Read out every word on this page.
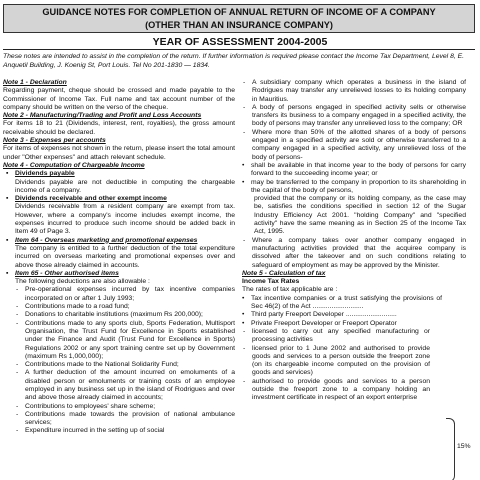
GUIDANCE NOTES FOR COMPLETION OF ANNUAL RETURN OF INCOME OF A COMPANY
(OTHER THAN AN INSURANCE COMPANY)
YEAR OF ASSESSMENT 2004-2005
These notes are intended to assist in the completion of the return. If further information is required please contact the Income Tax Department, Level 8, E. Anquetil Building, J. Koenig St, Port Louis. Tel No 201-1830 — 1834.

Note 1 - Declaration

Regarding payment, cheque should be crossed and made payable to the Commissioner of Income Tax. Full name and tax account number of the company should be written on the verso of the cheque.

Note 2 - Manufacturing/Trading and Profit and Loss Accounts

For items 18 to 21 (Dividends, interest, rent, royalties), the gross amount receivable should be declared.

Note 3 - Expenses per accounts

For items of expenses not shown in the return, please insert the total amount under "Other expenses" and attach relevant schedule.

Note 4 - Computation of Chargeable Income

▪ Dividends payable

Dividends payable are not deductible in computing the chargeable income of a company.

▪ Dividends receivable and other exempt income

Dividends receivable from a resident company are exempt from tax. However, where a company's income includes exempt income, the expenses incurred to produce such income should be added back in Item 49 of Page 3.

▪ Item 64 - Overseas marketing and promotional expenses

The company is entitled to a further deduction of the total expenditure incurred on overseas marketing and promotional expenses over and above those already claimed in accounts.

▪ Item 65 - Other authorised items

The following deductions are also allowable :

- Pre-operational expenses incurred by tax incentive companies incorporated on or after 1 July 1993;
- Contributions made to a road fund;
- Donations to charitable institutions (maximum Rs 200,000);
- Contributions made to any sports club, Sports Federation, Multisport Organisation, the Trust Fund for Excellence in Sports established under the Finance and Audit (Trust Fund for Excellence in Sports) Regulations 2002 or any sport training centre set up by Government (maximum Rs 1,000,000);
- Contributions made to the National Solidarity Fund;
- A further deduction of the amount incurred on emoluments of a disabled person or emoluments or training costs of an employee employed in any business set up in the island of Rodrigues and over and above those already claimed in accounts;
- Contributions to employees' share scheme;
- Contributions made towards the provision of national ambulance services;
- Expenditure incurred in the setting up of social
- A subsidiary company which operates a business in the island of Rodrigues may transfer any unrelieved losses to its holding company in Mauritius.
- A body of persons engaged in specified activity sells or otherwise transfers its business to a company engaged in a specified activity, the body of persons may transfer any unrelieved loss to the company; OR
- Where more than 50% of the allotted shares of a body of persons engaged in a specified activity are sold or otherwise transferred to a company engaged in a specified activity, any unrelieved loss of the body of persons-
• shall be available in that income year to the body of persons for carry forward to the succeeding income year; or
• may be transferred to the company in proportion to its shareholding in the capital of the body of persons,

provided that the company or its holding company, as the case may be, satisfies the conditions specified in section 12 of the Sugar Industry Efficiency Act 2001. "holding Company" and "specified activity" have the same meaning as in Section 25 of the Income Tax Act, 1995.

- Where a company takes over another company engaged in manufacturing activities provided that the acquiree company is dissolved after the takeover and on such conditions relating to safeguard of employment as may be approved by the Minister.

Note 5 - Calculation of tax

Income Tax Rates

The rates of tax applicable are :

• Tax incentive companies or a trust satisfying the provisions of Sec 46(2) of the Act ...........................
• Third party Freeport Developer ...........................
• Private Freeport Developer or Freeport Operator
- licensed to carry out any specified manufacturing or processing activities
- licensed prior to 1 June 2002 and authorised to provide goods and services to a person outside the freeport zone (on its chargeable income computed on the provision of goods and services)
- authorised to provide goods and services to a person outside the freeport zone to a company holding an investment certificate in respect of an export enterprise
15%
